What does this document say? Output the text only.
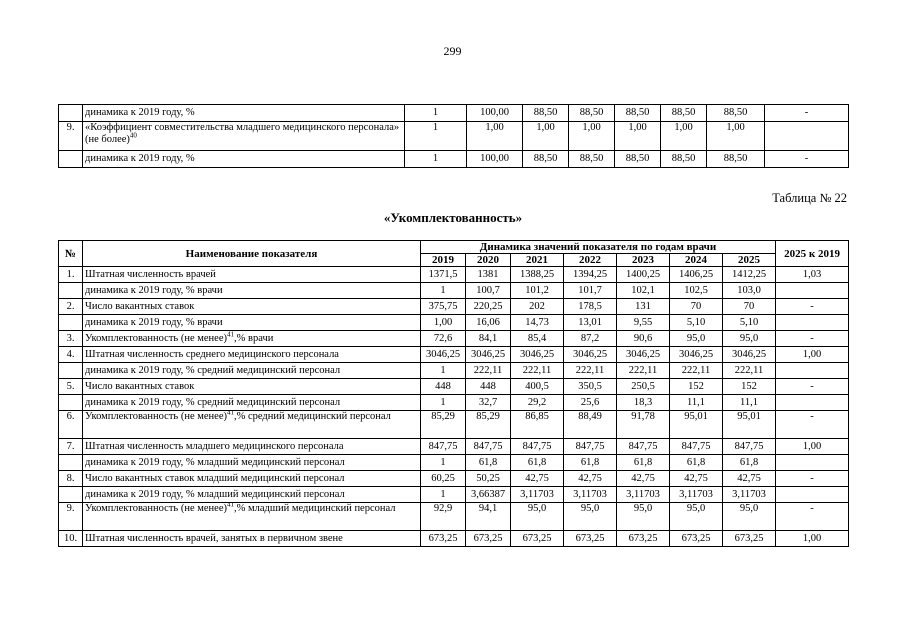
299
	динамика к 2019 году, %	1	100,00	88,50	88,50	88,50	88,50	88,50	-
9.	«Коэффициент совместительства младшего медицинского персонала» (не более)$^{40}$	1	1,00	1,00	1,00	1,00	1,00	1,00	
	динамика к 2019 году, %	1	100,00	88,50	88,50	88,50	88,50	88,50	-
Таблица № 22
«Укомплектованность»
№	Наименование показателя	Динамика значений показателя по годам врачи							2025 к 2019
		2019	2020	2021	2022	2023	2024	2025	
1.	Штатная численность врачей	1371,5	1381	1388,25	1394,25	1400,25	1406,25	1412,25	1,03
	динамика к 2019 году, % врачи	1	100,7	101,2	101,7	102,1	102,5	103,0	
2.	Число вакантных ставок	375,75	220,25	202	178,5	131	70	70	-
	динамика к 2019 году, % врачи	1,00	16,06	14,73	13,01	9,55	5,10	5,10	
3.	Укомплектованность (не менее)$^{41}$,% врачи	72,6	84,1	85,4	87,2	90,6	95,0	95,0	-
4.	Штатная численность среднего медицинского персонала	3046,25	3046,25	3046,25	3046,25	3046,25	3046,25	3046,25	1,00
	динамика к 2019 году, % средний медицинский персонал	1	222,11	222,11	222,11	222,11	222,11	222,11	
5.	Число вакантных ставок	448	448	400,5	350,5	250,5	152	152	-
	динамика к 2019 году, % средний медицинский персонал	1	32,7	29,2	25,6	18,3	11,1	11,1	
6.	Укомплектованность (не менее)$^{41}$,% средний медицинский персонал	85,29	85,29	86,85	88,49	91,78	95,01	95,01	-
7.	Штатная численность младшего медицинского персонала	847,75	847,75	847,75	847,75	847,75	847,75	847,75	1,00
	динамика к 2019 году, % младший медицинский персонал	1	61,8	61,8	61,8	61,8	61,8	61,8	
8.	Число вакантных ставок младший медицинский персонал	60,25	50,25	42,75	42,75	42,75	42,75	42,75	-
	динамика к 2019 году, % младший медицинский персонал	1	3,66387	3,11703	3,11703	3,11703	3,11703	3,11703	
9.	Укомплектованность (не менее)$^{41}$,% младший медицинский персонал	92,9	94,1	95,0	95,0	95,0	95,0	95,0	-
10.	Штатная численность врачей, занятых в первичном звене	673,25	673,25	673,25	673,25	673,25	673,25	673,25	1,00
